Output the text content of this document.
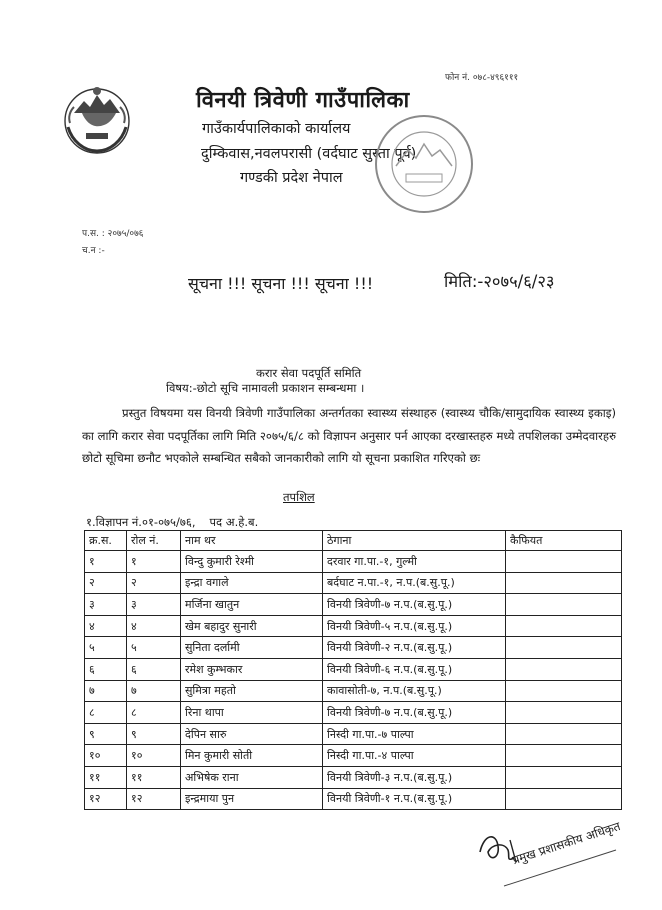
फोन नं. ०७८-४९६१११
विनयी त्रिवेणी गाउँपालिका
गाउँकार्यपालिकाको कार्यालय
दुम्किवास,नवलपरासी (वर्दघाट सुस्ता पूर्व)
गण्डकी प्रदेश नेपाल
प.स. : २०७५/०७६
च.न :-
सूचना !!! सूचना !!! सूचना !!!	मिति:-२०७५/६/२३
करार सेवा पदपूर्ति समिति
विषय:-छोटो सूचि नामावली प्रकाशन सम्बन्धमा ।
प्रस्तुत विषयमा यस विनयी त्रिवेणी गाउँपालिका अन्तर्गतका स्वास्थ्य संस्थाहरु (स्वास्थ्य चौकि/सामुदायिक स्वास्थ्य इकाइ) का लागि करार सेवा पदपूर्तिका लागि मिति २०७५/६/८ को विज्ञापन अनुसार पर्न आएका दरखास्तहरु मध्ये तपशिलका उम्मेदवारहरु छोटो सूचिमा छनौट भएकोले सम्बन्धित सबैको जानकारीको लागि यो सूचना प्रकाशित गरिएको छः
तपशिल
१.विज्ञापन नं.०१-०७५/७६, पद अ.हे.ब.
क्र.स.	रोल नं.	नाम थर	ठेगाना	कैफियत
१	१	विन्दु कुमारी रेश्मी	दरवार गा.पा.-१, गुल्मी	
२	२	इन्द्रा वगाले	बर्दघाट न.पा.-१, न.प.(ब.सु.पू.)	
३	३	मर्जिना खातुन	विनयी त्रिवेणी-७ न.प.(ब.सु.पू.)	
४	४	खेम बहादुर सुनारी	विनयी त्रिवेणी-५ न.प.(ब.सु.पू.)	
५	५	सुनिता दर्लामी	विनयी त्रिवेणी-२ न.प.(ब.सु.पू.)	
६	६	रमेश कुम्भकार	विनयी त्रिवेणी-६ न.प.(ब.सु.पू.)	
७	७	सुमित्रा महतो	कावासोती-७, न.प.(ब.सु.पू.)	
८	८	रिना थापा	विनयी त्रिवेणी-७ न.प.(ब.सु.पू.)	
९	९	देपिन सारु	निस्दी गा.पा.-७ पाल्पा	
१०	१०	मिन कुमारी सोती	निस्दी गा.पा.-४ पाल्पा	
११	११	अभिषेक राना	विनयी त्रिवेणी-३ न.प.(ब.सु.पू.)	
१२	१२	इन्द्रमाया पुन	विनयी त्रिवेणी-१ न.प.(ब.सु.पू.)	
प्रमुख प्रशासकीय अधिकृत
